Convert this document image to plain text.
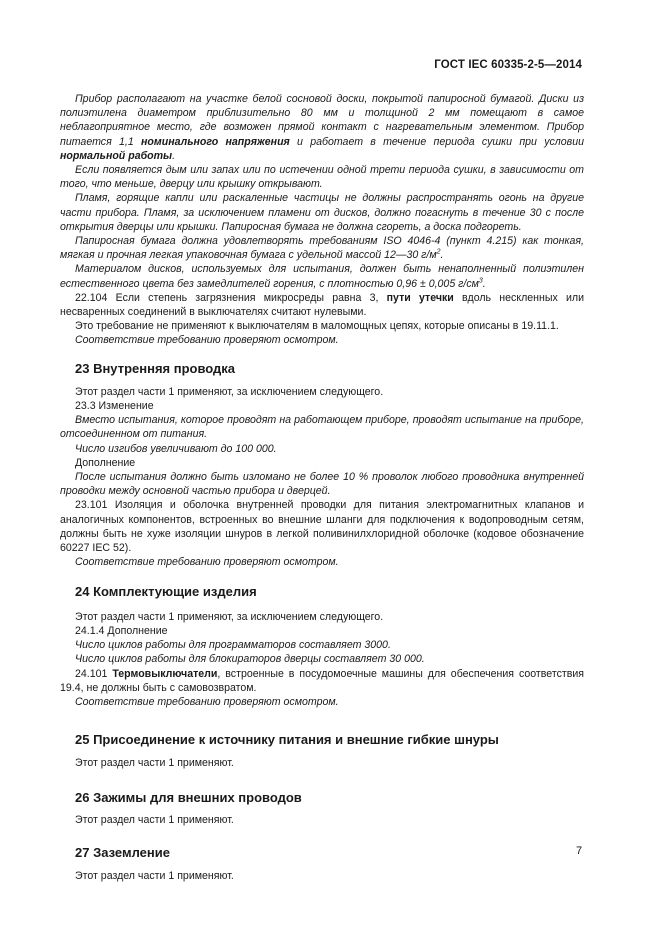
ГОСТ IEC 60335-2-5—2014

Прибор располагают на участке белой сосновой доски, покрытой папиросной бумагой. Диски из полиэтилена диаметром приблизительно 80 мм и толщиной 2 мм помещают в самое неблагоприятное место, где возможен прямой контакт с нагревательным элементом. Прибор питается 1,1 номинального напряжения и работает в течение периода сушки при условии нормальной работы.

Если появляется дым или запах или по истечении одной трети периода сушки, в зависимости от того, что меньше, дверцу или крышку открывают.

Пламя, горящие капли или раскаленные частицы не должны распространять огонь на другие части прибора. Пламя, за исключением пламени от дисков, должно погаснуть в течение 30 с после открытия дверцы или крышки. Папиросная бумага не должна сгореть, а доска подгореть.

Папиросная бумага должна удовлетворять требованиям ISO 4046-4 (пункт 4.215) как тонкая, мягкая и прочная легкая упаковочная бумага с удельной массой 12—30 $г/м^2$.

Материалом дисков, используемых для испытания, должен быть ненаполненный полиэтилен естественного цвета без замедлителей горения, с плотностью 0,96 ± 0,005 $г/см^3$.

22.104 Если степень загрязнения микросреды равна 3, пути утечки вдоль нескленных или несваренных соединений в выключателях считают нулевыми.

Это требование не применяют к выключателям в маломощных цепях, которые описаны в 19.11.1.

Соответствие требованию проверяют осмотром.

23 Внутренняя проводка

Этот раздел части 1 применяют, за исключением следующего.

23.3 Изменение

Вместо испытания, которое проводят на работающем приборе, проводят испытание на приборе, отсоединенном от питания.

Число изгибов увеличивают до 100 000.

Дополнение

После испытания должно быть изломано не более 10 % проволок любого проводника внутренней проводки между основной частью прибора и дверцей.

23.101 Изоляция и оболочка внутренней проводки для питания электромагнитных клапанов и аналогичных компонентов, встроенных во внешние шланги для подключения к водопроводным сетям, должны быть не хуже изоляции шнуров в легкой поливинилхлоридной оболочке (кодовое обозначение 60227 IEC 52).

Соответствие требованию проверяют осмотром.

24 Комплектующие изделия

Этот раздел части 1 применяют, за исключением следующего.

24.1.4 Дополнение

Число циклов работы для программаторов составляет 3000.

Число циклов работы для блокираторов дверцы составляет 30 000.

24.101 Термовыключатели, встроенные в посудомоечные машины для обеспечения соответствия 19.4, не должны быть с самовозвратом.

Соответствие требованию проверяют осмотром.

25 Присоединение к источнику питания и внешние гибкие шнуры

Этот раздел части 1 применяют.

26 Зажимы для внешних проводов

Этот раздел части 1 применяют.

27 Заземление

Этот раздел части 1 применяют.

7
